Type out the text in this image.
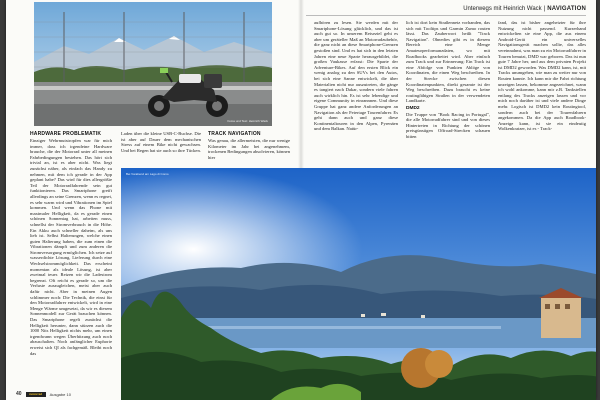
Unterwegs mit Heinrich Wack | NAVIGATION
Fotos und Text: Heinrich Wack
Bei Vorabend am Lago di Como
HARDWARE PROBLEMATIK

Einziger Wehrmutstropfen war für mich immer, dass ich irgendeine Hardware brauche, die der Motorrad unter all meinen Fahrbedingungen bestehen. Das hört sich trivial an, ist es aber nicht. Was liegt zunächst näher, als einfach das Handy zu nehmen, mit dem ich gerade in der App geplant habe? Das wird für dies allergrößte Teil der Motorradfahrende sein gut funktionieren. Das Smartphone greift allerdings an seine Grenzen, wenn es regnet, es sehr warm wird und Vibrationen im Spiel kommen. Und wenn das Phone mit maximaler Helligkeit, da es gerade einen schönen Sonnentag hat, arbeiten muss, schnellst der Stromverbrauch in die Höhe. Ein Akku auch schneller daheim, als uns lieb ist. Selbst Halterungen, welche einen guten Halterung haben, die zum einen die Vibrationen dämpft und zum anderen die Stromversorgung ermöglichen. Ich setze auf wasserdichte Lösung, Lieferung durch eine Wechselstrommöglichkeit. Das erscheint momentan als ideale Lösung, ist aber zweimal teuer. Reizen wir die Ladestrom begrenzt. Oft reicht es gerade so, um die Verluste auszugleichen, meist aber auch dafür nicht. Aber in meinen Augen schlimmer noch: Die Technik, die einst für den Motorradfahrer entwickelt, wird in eine Menge Wärme umgesetzt, da wir es diesem Sonnenmodell zur Gerät brauchen können. Das Smartphone regelt zunächst die Helligkeit herunter, dann stürzen auch die 1000 Nits Helligkeit nichts mehr, um einen irgendwann wegen Überhitzung auch noch abzuschalten. Noch anfänglicher Euphorie erweist sich QI als fachgemäß. Bleibt noch das

Laden über die kleine USB-C-Buchse. Die ist aber auf Dauer dem mechanischen Stress auf einem Bike nicht gewachsen. Und bei Regen hat sie auch so ihre Tücken.

TRACK NAVIGATION

Was genau, die allermeisten, die nur wenige Kilometer im Jahr bei angenehmem, trockenen Bedingungen absolvieren, können hier

aufhören zu lesen. Sie werden mit der Smartphone-Lösung glücklich, und das ist auch gut so. In unserem Reiseziel geht es aber um geräteller Maß an Motorradzubehör, die ganz nicht an diese Smartphone-Grenzen gestoßen sind. Und es hat sich in den letzten Jahren eine neue Sparte herausgebildet, die großen Vaukasse erfasst: Die Sparte der Adventure-Bikes. Auf den ersten Blick ein wenig analog zu den SUVs bei den Autos, bei sich eine Sanne entwickelt, die über Materialien nicht nur auszutreten, die gänge es tangiert nach Dakar, sondern viele fahren auch wirklich hin. Es ist sehr lebendige und eigene Community in einrannnen. Und diese Gruppe hat ganz andere Anforderungen an Navigation als der Feiertage Tourenfahrer. Es geht dann auch und ganz diese Kontinentaltouren in den Alpen, Pyrenäen und dem Balkan. Natür-

lich ist dort kein Straßennetz vorhanden, das sich mit Tooltips und Garmin Zumo routen lässt. Das Zauberwort heißt "Track Navigation". Ohnedies gibt es in diesem Bereich eine Menge Amateurperformanzdaten, wo mit Roadbooks gearbeitet wird. Aber einfach zum Track und zur Erinnerung: Ein Track ist eine Abfolge von Punkten Ablöge von Koordinaten, die einen Weg beschreiben. In der Strecke zwischen diesen Koordinatenpunkten, direkt gesamte ist der Weg beschreiben. Dazu braucht es keine routingfähigen Straßen in der verwendeten Landkarte.

DMD2

Die Truppe von "Book Racing in Portugal", die alle Motorradfahrer sind und von dieses Hintertreten in Richtung der schönen preisgünstigen Offroad-Strecken schauen bitten

fand, das ist bisher angeheizter für ihre Nutzung nicht passend. Kurzerhand entwickelten sie eine App, die aus einem Android-Gerät ein universelles Navigationsgerät machen sollte, das alles vereinnahmt, was man zu ein Motorradfahrer in Touren benutzt, DMD war geboren. Das ist nun gute 7 Jahre her, und aus dem privaten Projekt ist DMD2 geworden. Was DMD2 kann, ist, mit Tracks unumgehen, wie man zu weiter nur von Routen kannte. Ich kann mir die Fahrt richtung unzeigen lassen, bekomme angezeichnet, wann ich wohl ankomme, kann mir z.B. Tankstellen entlang des Tracks anzeigen lassen und vor mich noch darüber ist und viele andere Dinge mehr. Logisch ist DMD2 kein Routingtool, sondern auch bei der Tourenfahrern angekommen. Da die App auch Roadbook-Anzeige kann, ist sie ein eindeutig Wolkenkratzer, ist es - Track-

40	motorrad	Ausgabe 10
